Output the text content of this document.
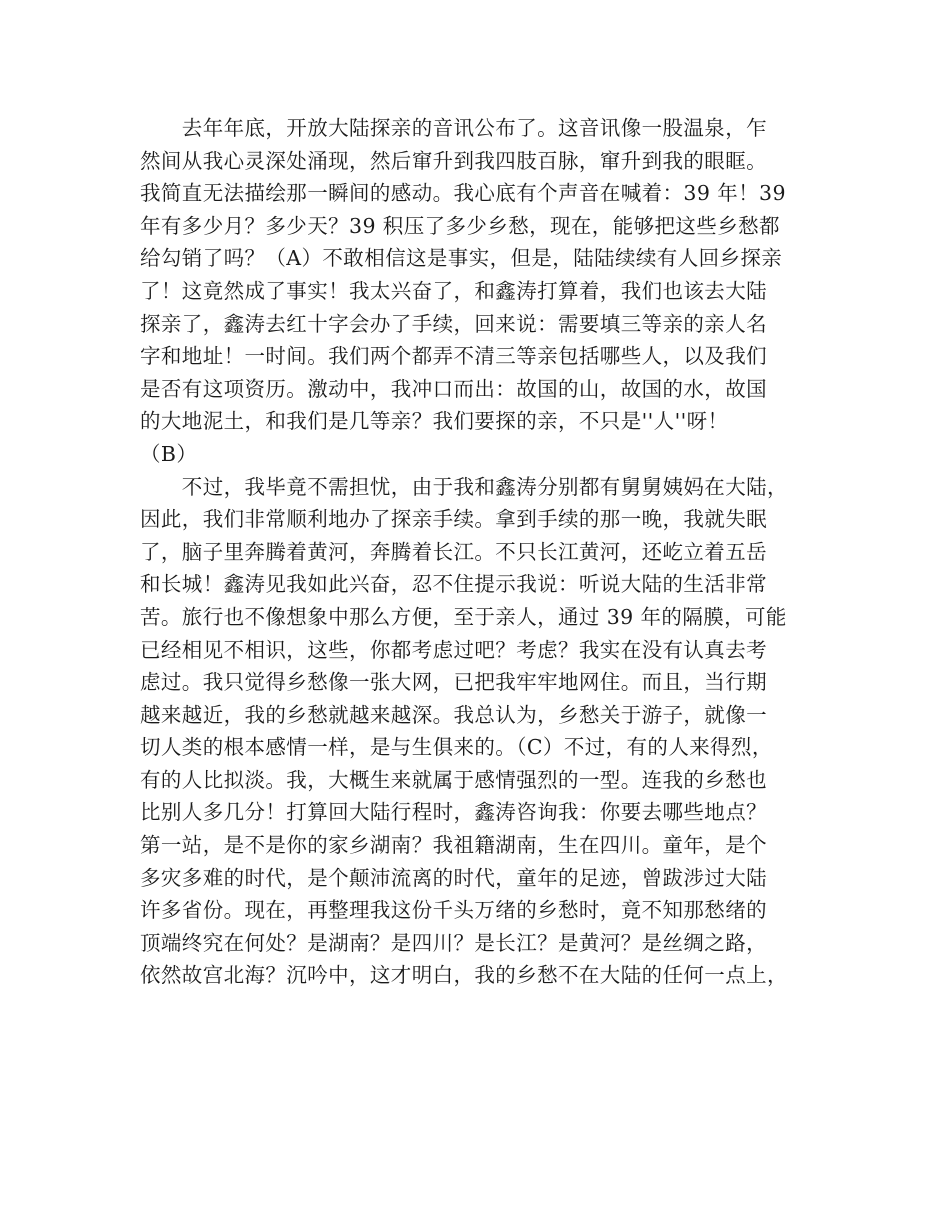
　　去年年底，开放大陆探亲的音讯公布了。这音讯像一股温泉，乍
然间从我心灵深处涌现，然后窜升到我四肢百脉，窜升到我的眼眶。
我简直无法描绘那一瞬间的感动。我心底有个声音在喊着：39 年！39
年有多少月？多少天？39 积压了多少乡愁，现在，能够把这些乡愁都
给勾销了吗？（A）不敢相信这是事实，但是，陆陆续续有人回乡探亲
了！这竟然成了事实！我太兴奋了，和鑫涛打算着，我们也该去大陆
探亲了，鑫涛去红十字会办了手续，回来说：需要填三等亲的亲人名
字和地址！一时间。我们两个都弄不清三等亲包括哪些人，以及我们
是否有这项资历。激动中，我冲口而出：故国的山，故国的水，故国
的大地泥土，和我们是几等亲？我们要探的亲，不只是''人''呀！
（B）
　　不过，我毕竟不需担忧，由于我和鑫涛分别都有舅舅姨妈在大陆，
因此，我们非常顺利地办了探亲手续。拿到手续的那一晚，我就失眠
了，脑子里奔腾着黄河，奔腾着长江。不只长江黄河，还屹立着五岳
和长城！鑫涛见我如此兴奋，忍不住提示我说：听说大陆的生活非常
苦。旅行也不像想象中那么方便，至于亲人，通过 39 年的隔膜，可能
已经相见不相识，这些，你都考虑过吧？考虑？我实在没有认真去考
虑过。我只觉得乡愁像一张大网，已把我牢牢地网住。而且，当行期
越来越近，我的乡愁就越来越深。我总认为，乡愁关于游子，就像一
切人类的根本感情一样，是与生俱来的。（C）不过，有的人来得烈，
有的人比拟淡。我，大概生来就属于感情强烈的一型。连我的乡愁也
比别人多几分！打算回大陆行程时，鑫涛咨询我：你要去哪些地点？
第一站，是不是你的家乡湖南？我祖籍湖南，生在四川。童年，是个
多灾多难的时代，是个颠沛流离的时代，童年的足迹，曾跋涉过大陆
许多省份。现在，再整理我这份千头万绪的乡愁时，竟不知那愁绪的
顶端终究在何处？是湖南？是四川？是长江？是黄河？是丝绸之路，
依然故宫北海？沉吟中，这才明白，我的乡愁不在大陆的任何一点上，
